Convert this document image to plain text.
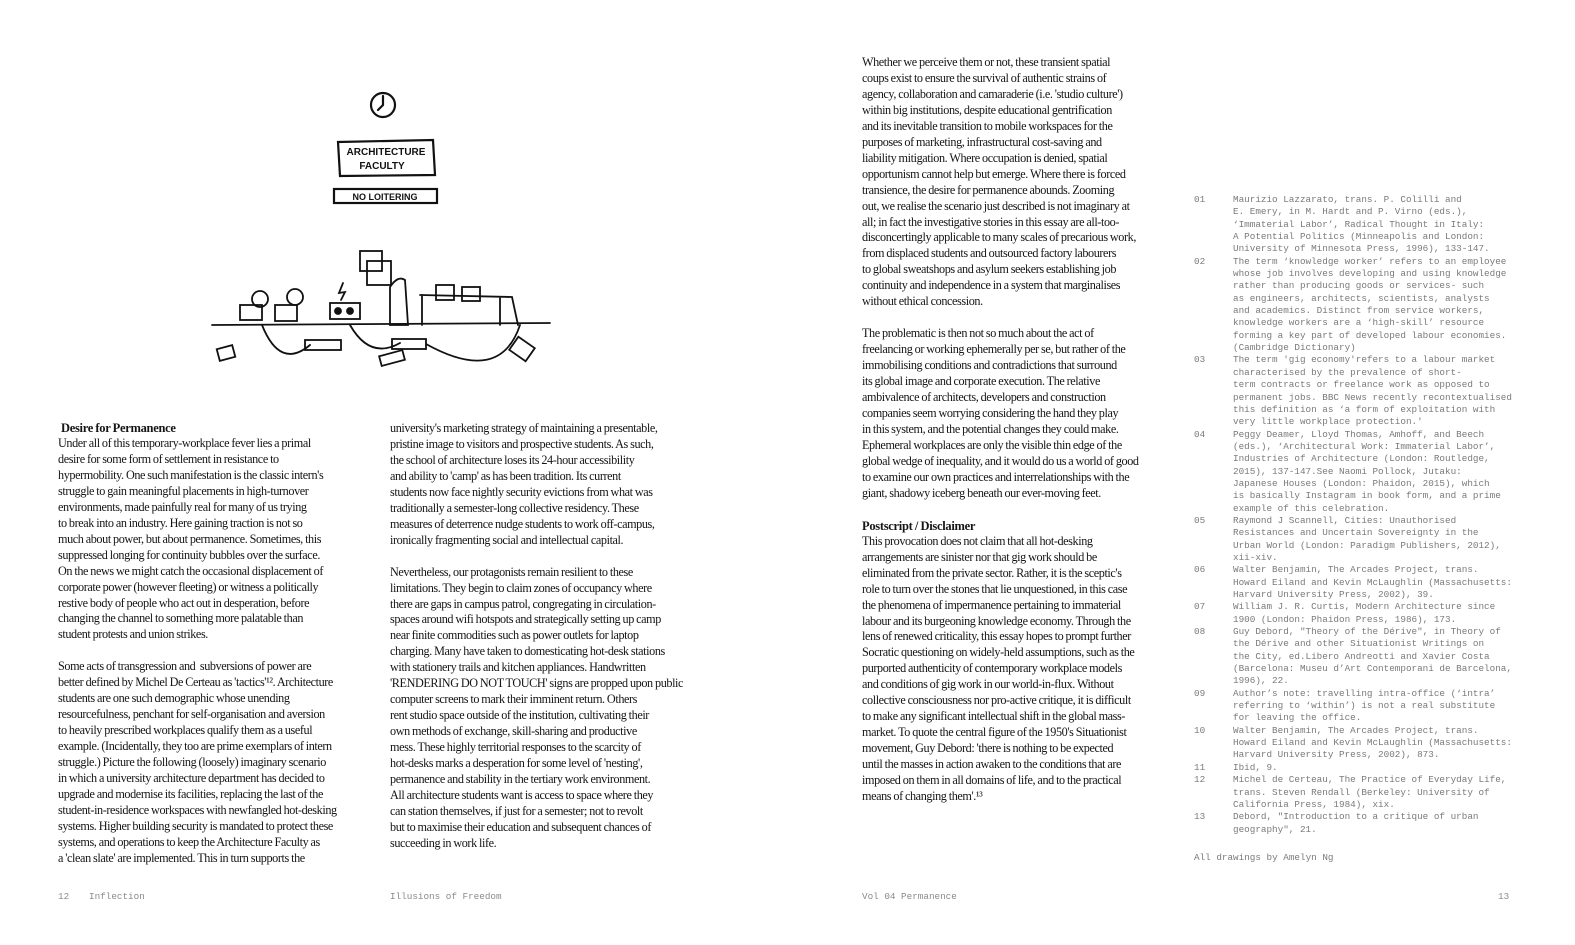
ARCHITECTURE
FACULTY
NO LOITERING
Desire for Permanence
Under all of this temporary-workplace fever lies a primal
desire for some form of settlement in resistance to
hypermobility. One such manifestation is the classic intern's
struggle to gain meaningful placements in high-turnover
environments, made painfully real for many of us trying
to break into an industry. Here gaining traction is not so
much about power, but about permanence. Sometimes, this
suppressed longing for continuity bubbles over the surface.
On the news we might catch the occasional displacement of
corporate power (however fleeting) or witness a politically
restive body of people who act out in desperation, before
changing the channel to something more palatable than
student protests and union strikes.
Some acts of transgression and  subversions of power are
better defined by Michel De Certeau as 'tactics'¹². Architecture
students are one such demographic whose unending
resourcefulness, penchant for self-organisation and aversion
to heavily prescribed workplaces qualify them as a useful
example. (Incidentally, they too are prime exemplars of intern
struggle.) Picture the following (loosely) imaginary scenario
in which a university architecture department has decided to
upgrade and modernise its facilities, replacing the last of the
student-in-residence workspaces with newfangled hot-desking
systems. Higher building security is mandated to protect these
systems, and operations to keep the Architecture Faculty as
a 'clean slate' are implemented. This in turn supports the
university's marketing strategy of maintaining a presentable,
pristine image to visitors and prospective students. As such,
the school of architecture loses its 24-hour accessibility
and ability to 'camp' as has been tradition. Its current
students now face nightly security evictions from what was
traditionally a semester-long collective residency. These
measures of deterrence nudge students to work off-campus,
ironically fragmenting social and intellectual capital.
Nevertheless, our protagonists remain resilient to these
limitations. They begin to claim zones of occupancy where
there are gaps in campus patrol, congregating in circulation-
spaces around wifi hotspots and strategically setting up camp
near finite commodities such as power outlets for laptop
charging. Many have taken to domesticating hot-desk stations
with stationery trails and kitchen appliances. Handwritten
'RENDERING DO NOT TOUCH' signs are propped upon public
computer screens to mark their imminent return. Others
rent studio space outside of the institution, cultivating their
own methods of exchange, skill-sharing and productive
mess. These highly territorial responses to the scarcity of
hot-desks marks a desperation for some level of 'nesting',
permanence and stability in the tertiary work environment.
All architecture students want is access to space where they
can station themselves, if just for a semester; not to revolt
but to maximise their education and subsequent chances of
succeeding in work life.
Whether we perceive them or not, these transient spatial
coups exist to ensure the survival of authentic strains of
agency, collaboration and camaraderie (i.e. 'studio culture')
within big institutions, despite educational gentrification
and its inevitable transition to mobile workspaces for the
purposes of marketing, infrastructural cost-saving and
liability mitigation. Where occupation is denied, spatial
opportunism cannot help but emerge. Where there is forced
transience, the desire for permanence abounds. Zooming
out, we realise the scenario just described is not imaginary at
all; in fact the investigative stories in this essay are all-too-
disconcertingly applicable to many scales of precarious work,
from displaced students and outsourced factory labourers
to global sweatshops and asylum seekers establishing job
continuity and independence in a system that marginalises
without ethical concession.
The problematic is then not so much about the act of
freelancing or working ephemerally per se, but rather of the
immobilising conditions and contradictions that surround
its global image and corporate execution. The relative
ambivalence of architects, developers and construction
companies seem worrying considering the hand they play
in this system, and the potential changes they could make.
Ephemeral workplaces are only the visible thin edge of the
global wedge of inequality, and it would do us a world of good
to examine our own practices and interrelationships with the
giant, shadowy iceberg beneath our ever-moving feet.
Postscript / Disclaimer
This provocation does not claim that all hot-desking
arrangements are sinister nor that gig work should be
eliminated from the private sector. Rather, it is the sceptic's
role to turn over the stones that lie unquestioned, in this case
the phenomena of impermanence pertaining to immaterial
labour and its burgeoning knowledge economy. Through the
lens of renewed criticality, this essay hopes to prompt further
Socratic questioning on widely-held assumptions, such as the
purported authenticity of contemporary workplace models
and conditions of gig work in our world-in-flux. Without
collective consciousness nor pro-active critique, it is difficult
to make any significant intellectual shift in the global mass-
market. To quote the central figure of the 1950's Situationist
movement, Guy Debord: 'there is nothing to be expected
until the masses in action awaken to the conditions that are
imposed on them in all domains of life, and to the practical
means of changing them'.¹³
01	Maurizio Lazzarato, trans. P. Colilli and
E. Emery, in M. Hardt and P. Virno (eds.),
‘Immaterial Labor’, Radical Thought in Italy:
A Potential Politics (Minneapolis and London:
University of Minnesota Press, 1996), 133-147.
02	The term ‘knowledge worker’ refers to an employee
whose job involves developing and using knowledge
rather than producing goods or services- such
as engineers, architects, scientists, analysts
and academics. Distinct from service workers,
knowledge workers are a ‘high-skill’ resource
forming a key part of developed labour economies.
(Cambridge Dictionary)
03	The term 'gig economy'refers to a labour market
characterised by the prevalence of short-
term contracts or freelance work as opposed to
permanent jobs. BBC News recently recontextualised
this definition as ‘a form of exploitation with
very little workplace protection.'
04	Peggy Deamer, Lloyd Thomas, Amhoff, and Beech
(eds.), ‘Architectural Work: Immaterial Labor’,
Industries of Architecture (London: Routledge,
2015), 137-147.See Naomi Pollock, Jutaku:
Japanese Houses (London: Phaidon, 2015), which
is basically Instagram in book form, and a prime
example of this celebration.
05	Raymond J Scannell, Cities: Unauthorised
Resistances and Uncertain Sovereignty in the
Urban World (London: Paradigm Publishers, 2012),
xii-xiv.
06	Walter Benjamin, The Arcades Project, trans.
Howard Eiland and Kevin McLaughlin (Massachusetts:
Harvard University Press, 2002), 39.
07	William J. R. Curtis, Modern Architecture since
1900 (London: Phaidon Press, 1986), 173.
08	Guy Debord, "Theory of the Dérive", in Theory of
the Dérive and other Situationist Writings on
the City, ed.Libero Andreotti and Xavier Costa
(Barcelona: Museu d’Art Contemporani de Barcelona,
1996), 22.
09	Author’s note: travelling intra-office (‘intra’
referring to ‘within’) is not a real substitute
for leaving the office.
10	Walter Benjamin, The Arcades Project, trans.
Howard Eiland and Kevin McLaughlin (Massachusetts:
Harvard University Press, 2002), 873.
11	Ibid, 9.
12	Michel de Certeau, The Practice of Everyday Life,
trans. Steven Rendall (Berkeley: University of
California Press, 1984), xix.
13	Debord, "Introduction to a critique of urban
geography", 21.
All drawings by Amelyn Ng
12 Inflection	Illusions of Freedom	Vol 04 Permanence	13
